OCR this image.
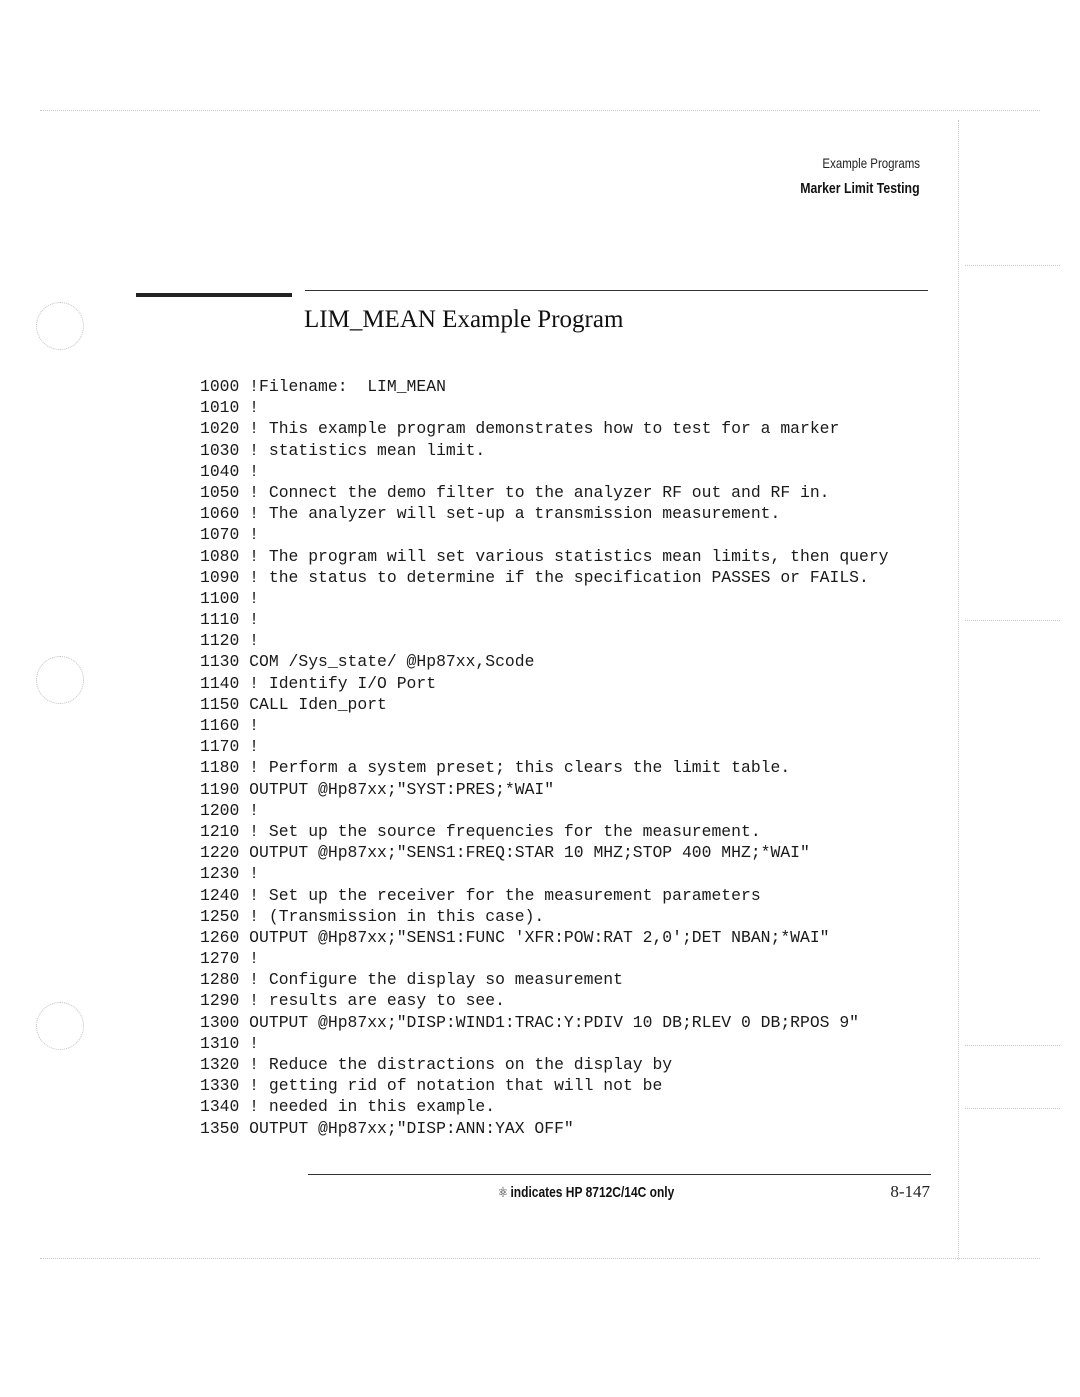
Example Programs
Marker Limit Testing
LIM_MEAN Example Program
1000 !Filename:  LIM_MEAN
1010 !
1020 ! This example program demonstrates how to test for a marker
1030 ! statistics mean limit.
1040 !
1050 ! Connect the demo filter to the analyzer RF out and RF in.
1060 ! The analyzer will set-up a transmission measurement.
1070 !
1080 ! The program will set various statistics mean limits, then query
1090 ! the status to determine if the specification PASSES or FAILS.
1100 !
1110 !
1120 !
1130 COM /Sys_state/ @Hp87xx,Scode
1140 ! Identify I/O Port
1150 CALL Iden_port
1160 !
1170 !
1180 ! Perform a system preset; this clears the limit table.
1190 OUTPUT @Hp87xx;"SYST:PRES;*WAI"
1200 !
1210 ! Set up the source frequencies for the measurement.
1220 OUTPUT @Hp87xx;"SENS1:FREQ:STAR 10 MHZ;STOP 400 MHZ;*WAI"
1230 !
1240 ! Set up the receiver for the measurement parameters
1250 ! (Transmission in this case).
1260 OUTPUT @Hp87xx;"SENS1:FUNC 'XFR:POW:RAT 2,0';DET NBAN;*WAI"
1270 !
1280 ! Configure the display so measurement
1290 ! results are easy to see.
1300 OUTPUT @Hp87xx;"DISP:WIND1:TRAC:Y:PDIV 10 DB;RLEV 0 DB;RPOS 9"
1310 !
1320 ! Reduce the distractions on the display by
1330 ! getting rid of notation that will not be
1340 ! needed in this example.
1350 OUTPUT @Hp87xx;"DISP:ANN:YAX OFF"
⚛ indicates HP 8712C/14C only	8-147
